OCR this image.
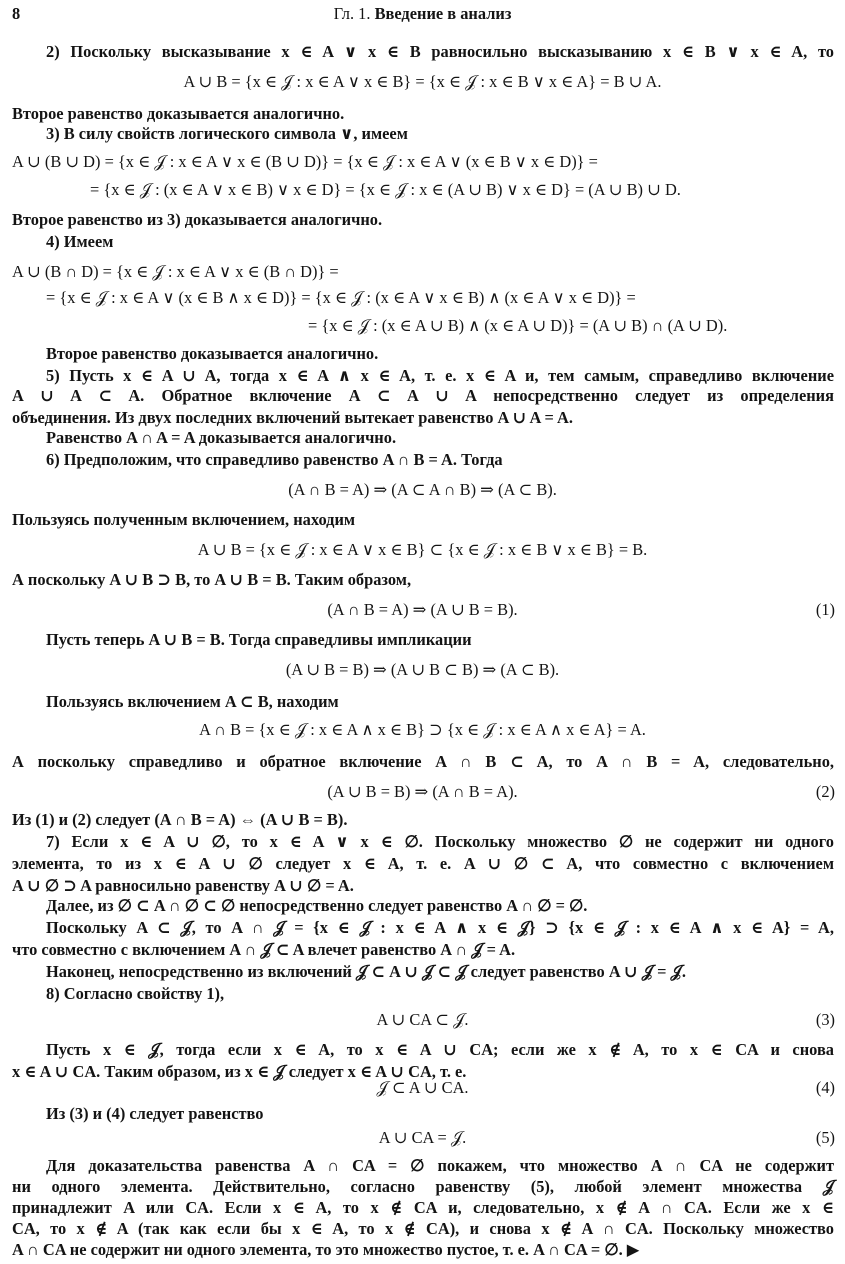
8	Гл. 1. Введение в анализ
2) Поскольку высказывание x ∈ A ∨ x ∈ B равносильно высказыванию x ∈ B ∨ x ∈ A, то
A ∪ B = {x ∈ 𝒥 : x ∈ A ∨ x ∈ B} = {x ∈ 𝒥 : x ∈ B ∨ x ∈ A} = B ∪ A.
Второе равенство доказывается аналогично.
3) В силу свойств логического символа ∨, имеем
A ∪ (B ∪ D) = {x ∈ 𝒥 : x ∈ A ∨ x ∈ (B ∪ D)} = {x ∈ 𝒥 : x ∈ A ∨ (x ∈ B ∨ x ∈ D)} =
= {x ∈ 𝒥 : (x ∈ A ∨ x ∈ B) ∨ x ∈ D} = {x ∈ 𝒥 : x ∈ (A ∪ B) ∨ x ∈ D} = (A ∪ B) ∪ D.
Второе равенство из 3) доказывается аналогично.
4) Имеем
A ∪ (B ∩ D) = {x ∈ 𝒥 : x ∈ A ∨ x ∈ (B ∩ D)} =
= {x ∈ 𝒥 : x ∈ A ∨ (x ∈ B ∧ x ∈ D)} = {x ∈ 𝒥 : (x ∈ A ∨ x ∈ B) ∧ (x ∈ A ∨ x ∈ D)} =
= {x ∈ 𝒥 : (x ∈ A ∪ B) ∧ (x ∈ A ∪ D)} = (A ∪ B) ∩ (A ∪ D).
Второе равенство доказывается аналогично.
5) Пусть x ∈ A ∪ A, тогда x ∈ A ∧ x ∈ A, т. е. x ∈ A и, тем самым, справедливо включение
A ∪ A ⊂ A. Обратное включение A ⊂ A ∪ A непосредственно следует из определения
объединения. Из двух последних включений вытекает равенство A ∪ A = A.
Равенство A ∩ A = A доказывается аналогично.
6) Предположим, что справедливо равенство A ∩ B = A. Тогда
(A ∩ B = A) ⇒ (A ⊂ A ∩ B) ⇒ (A ⊂ B).
Пользуясь полученным включением, находим
A ∪ B = {x ∈ 𝒥 : x ∈ A ∨ x ∈ B} ⊂ {x ∈ 𝒥 : x ∈ B ∨ x ∈ B} = B.
А поскольку A ∪ B ⊃ B, то A ∪ B = B. Таким образом,
(A ∩ B = A) ⇒ (A ∪ B = B).	(1)
Пусть теперь A ∪ B = B. Тогда справедливы импликации
(A ∪ B = B) ⇒ (A ∪ B ⊂ B) ⇒ (A ⊂ B).
Пользуясь включением A ⊂ B, находим
A ∩ B = {x ∈ 𝒥 : x ∈ A ∧ x ∈ B} ⊃ {x ∈ 𝒥 : x ∈ A ∧ x ∈ A} = A.
А поскольку справедливо и обратное включение A ∩ B ⊂ A, то A ∩ B = A, следовательно,
(A ∪ B = B) ⇒ (A ∩ B = A).	(2)
Из (1) и (2) следует (A ∩ B = A) ⇔ (A ∪ B = B).
7) Если x ∈ A ∪ ∅, то x ∈ A ∨ x ∈ ∅. Поскольку множество ∅ не содержит ни одного
элемента, то из x ∈ A ∪ ∅ следует x ∈ A, т. е. A ∪ ∅ ⊂ A, что совместно с включением
A ∪ ∅ ⊃ A равносильно равенству A ∪ ∅ = A.
Далее, из ∅ ⊂ A ∩ ∅ ⊂ ∅ непосредственно следует равенство A ∩ ∅ = ∅.
Поскольку A ⊂ 𝒥, то A ∩ 𝒥 = {x ∈ 𝒥 : x ∈ A ∧ x ∈ 𝒥} ⊃ {x ∈ 𝒥 : x ∈ A ∧ x ∈ A} = A,
что совместно с включением A ∩ 𝒥 ⊂ A влечет равенство A ∩ 𝒥 = A.
Наконец, непосредственно из включений 𝒥 ⊂ A ∪ 𝒥 ⊂ 𝒥 следует равенство A ∪ 𝒥 = 𝒥.
8) Согласно свойству 1),
A ∪ CA ⊂ 𝒥.	(3)
Пусть x ∈ 𝒥, тогда если x ∈ A, то x ∈ A ∪ CA; если же x ∉ A, то x ∈ CA и снова
x ∈ A ∪ CA. Таким образом, из x ∈ 𝒥 следует x ∈ A ∪ CA, т. е.
𝒥 ⊂ A ∪ CA.	(4)
Из (3) и (4) следует равенство
A ∪ CA = 𝒥.	(5)
Для доказательства равенства A ∩ CA = ∅ покажем, что множество A ∩ CA не содержит
ни одного элемента. Действительно, согласно равенству (5), любой элемент множества 𝒥
принадлежит A или CA. Если x ∈ A, то x ∉ CA и, следовательно, x ∉ A ∩ CA. Если же x ∈
CA, то x ∉ A (так как если бы x ∈ A, то x ∉ CA), и снова x ∉ A ∩ CA. Поскольку множество
A ∩ CA не содержит ни одного элемента, то это множество пустое, т. е. A ∩ CA = ∅. ▶
